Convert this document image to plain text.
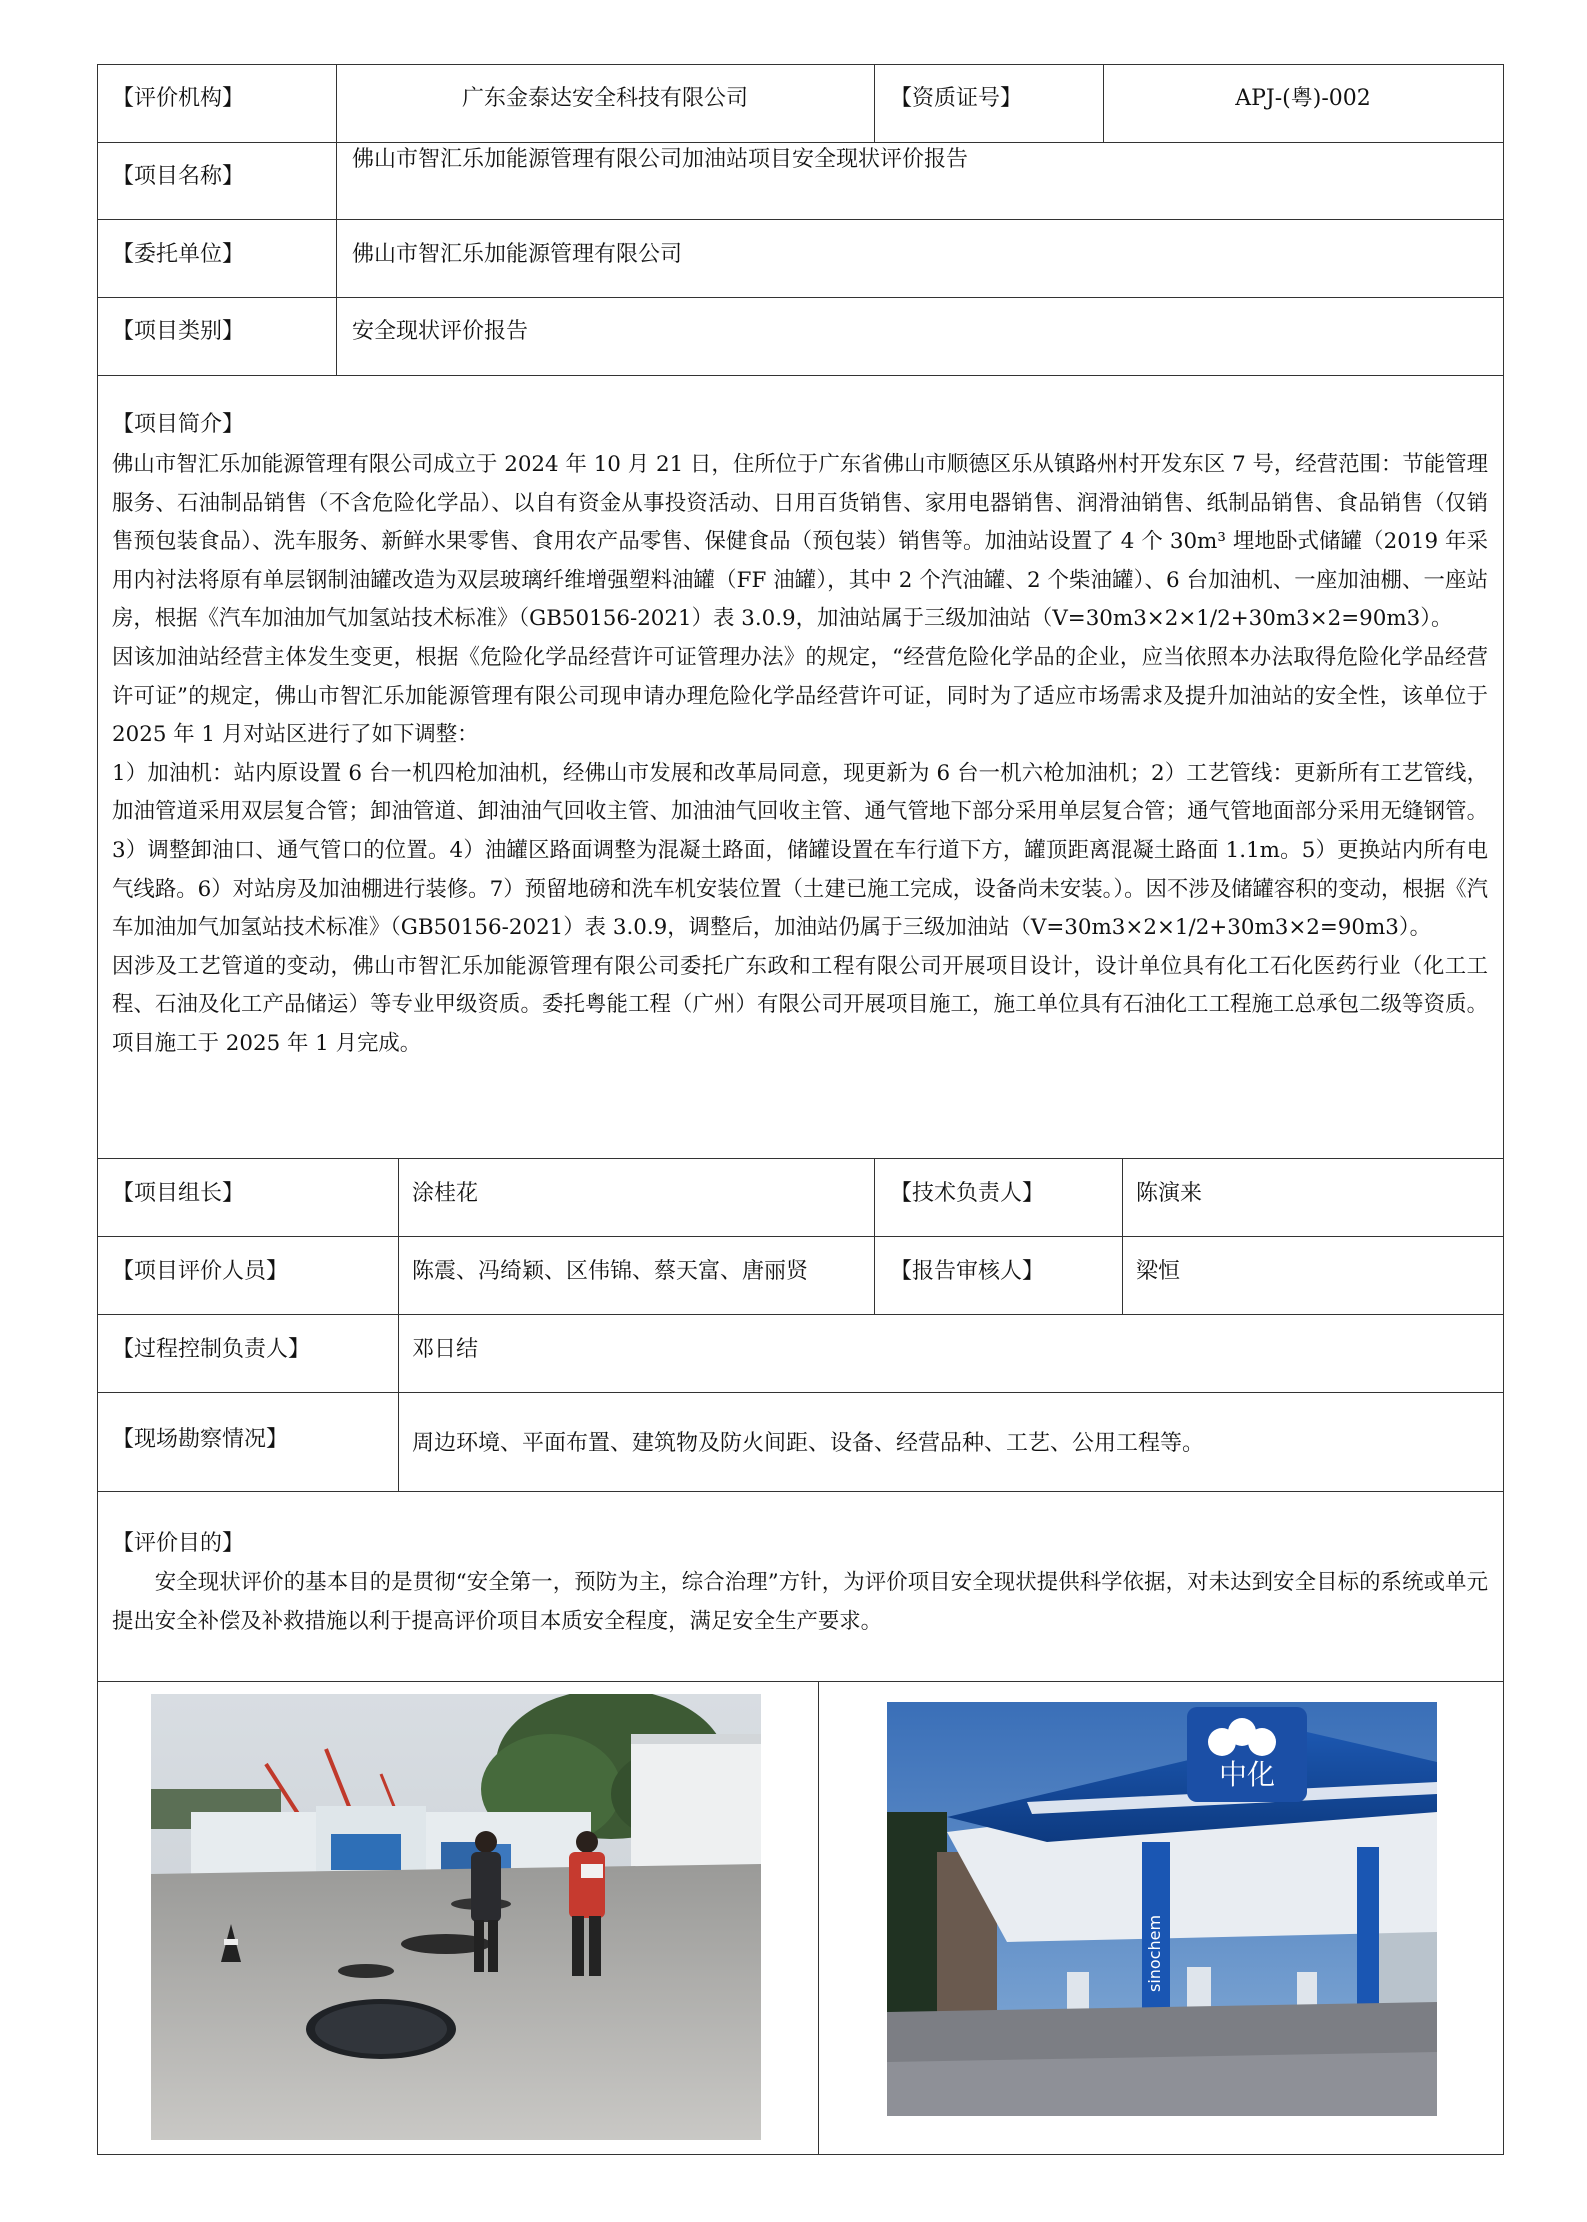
【评价机构】	广东金泰达安全科技有限公司	【资质证号】	APJ-(粤)-002
【项目名称】
佛山市智汇乐加能源管理有限公司加油站项目安全现状评价报告
【委托单位】	佛山市智汇乐加能源管理有限公司
【项目类别】	安全现状评价报告
【项目简介】
佛山市智汇乐加能源管理有限公司成立于 2024 年 10 月 21 日，住所位于广东省佛山市顺德区乐从镇路州村开发东区 7 号，经营范围：节能管理服务、石油制品销售（不含危险化学品）、以自有资金从事投资活动、日用百货销售、家用电器销售、润滑油销售、纸制品销售、食品销售（仅销售预包装食品）、洗车服务、新鲜水果零售、食用农产品零售、保健食品（预包装）销售等。加油站设置了 4 个 30m³ 埋地卧式储罐（2019 年采用内衬法将原有单层钢制油罐改造为双层玻璃纤维增强塑料油罐（FF 油罐），其中 2 个汽油罐、2 个柴油罐）、6 台加油机、一座加油棚、一座站房，根据《汽车加油加气加氢站技术标准》（GB50156-2021）表 3.0.9，加油站属于三级加油站（V=30m3×2×1/2+30m3×2=90m3）。
因该加油站经营主体发生变更，根据《危险化学品经营许可证管理办法》的规定，“经营危险化学品的企业，应当依照本办法取得危险化学品经营许可证”的规定，佛山市智汇乐加能源管理有限公司现申请办理危险化学品经营许可证，同时为了适应市场需求及提升加油站的安全性，该单位于 2025 年 1 月对站区进行了如下调整：
1）加油机：站内原设置 6 台一机四枪加油机，经佛山市发展和改革局同意，现更新为 6 台一机六枪加油机；2）工艺管线：更新所有工艺管线，加油管道采用双层复合管；卸油管道、卸油油气回收主管、加油油气回收主管、通气管地下部分采用单层复合管；通气管地面部分采用无缝钢管。3）调整卸油口、通气管口的位置。4）油罐区路面调整为混凝土路面，储罐设置在车行道下方，罐顶距离混凝土路面 1.1m。5）更换站内所有电气线路。6）对站房及加油棚进行装修。7）预留地磅和洗车机安装位置（土建已施工完成，设备尚未安装。）。因不涉及储罐容积的变动，根据《汽车加油加气加氢站技术标准》（GB50156-2021）表 3.0.9，调整后，加油站仍属于三级加油站（V=30m3×2×1/2+30m3×2=90m3）。
因涉及工艺管道的变动，佛山市智汇乐加能源管理有限公司委托广东政和工程有限公司开展项目设计，设计单位具有化工石化医药行业（化工工程、石油及化工产品储运）等专业甲级资质。委托粤能工程（广州）有限公司开展项目施工，施工单位具有石油化工工程施工总承包二级等资质。项目施工于 2025 年 1 月完成。
【项目组长】	涂桂花	【技术负责人】	陈演来
【项目评价人员】	陈震、冯绮颖、区伟锦、蔡天富、唐丽贤	【报告审核人】	梁恒
【过程控制负责人】	邓日结
【现场勘察情况】	周边环境、平面布置、建筑物及防火间距、设备、经营品种、工艺、公用工程等。
【评价目的】
安全现状评价的基本目的是贯彻“安全第一，预防为主，综合治理”方针，为评价项目安全现状提供科学依据，对未达到安全目标的系统或单元提出安全补偿及补救措施以利于提高评价项目本质安全程度，满足安全生产要求。
中化
sinochem
